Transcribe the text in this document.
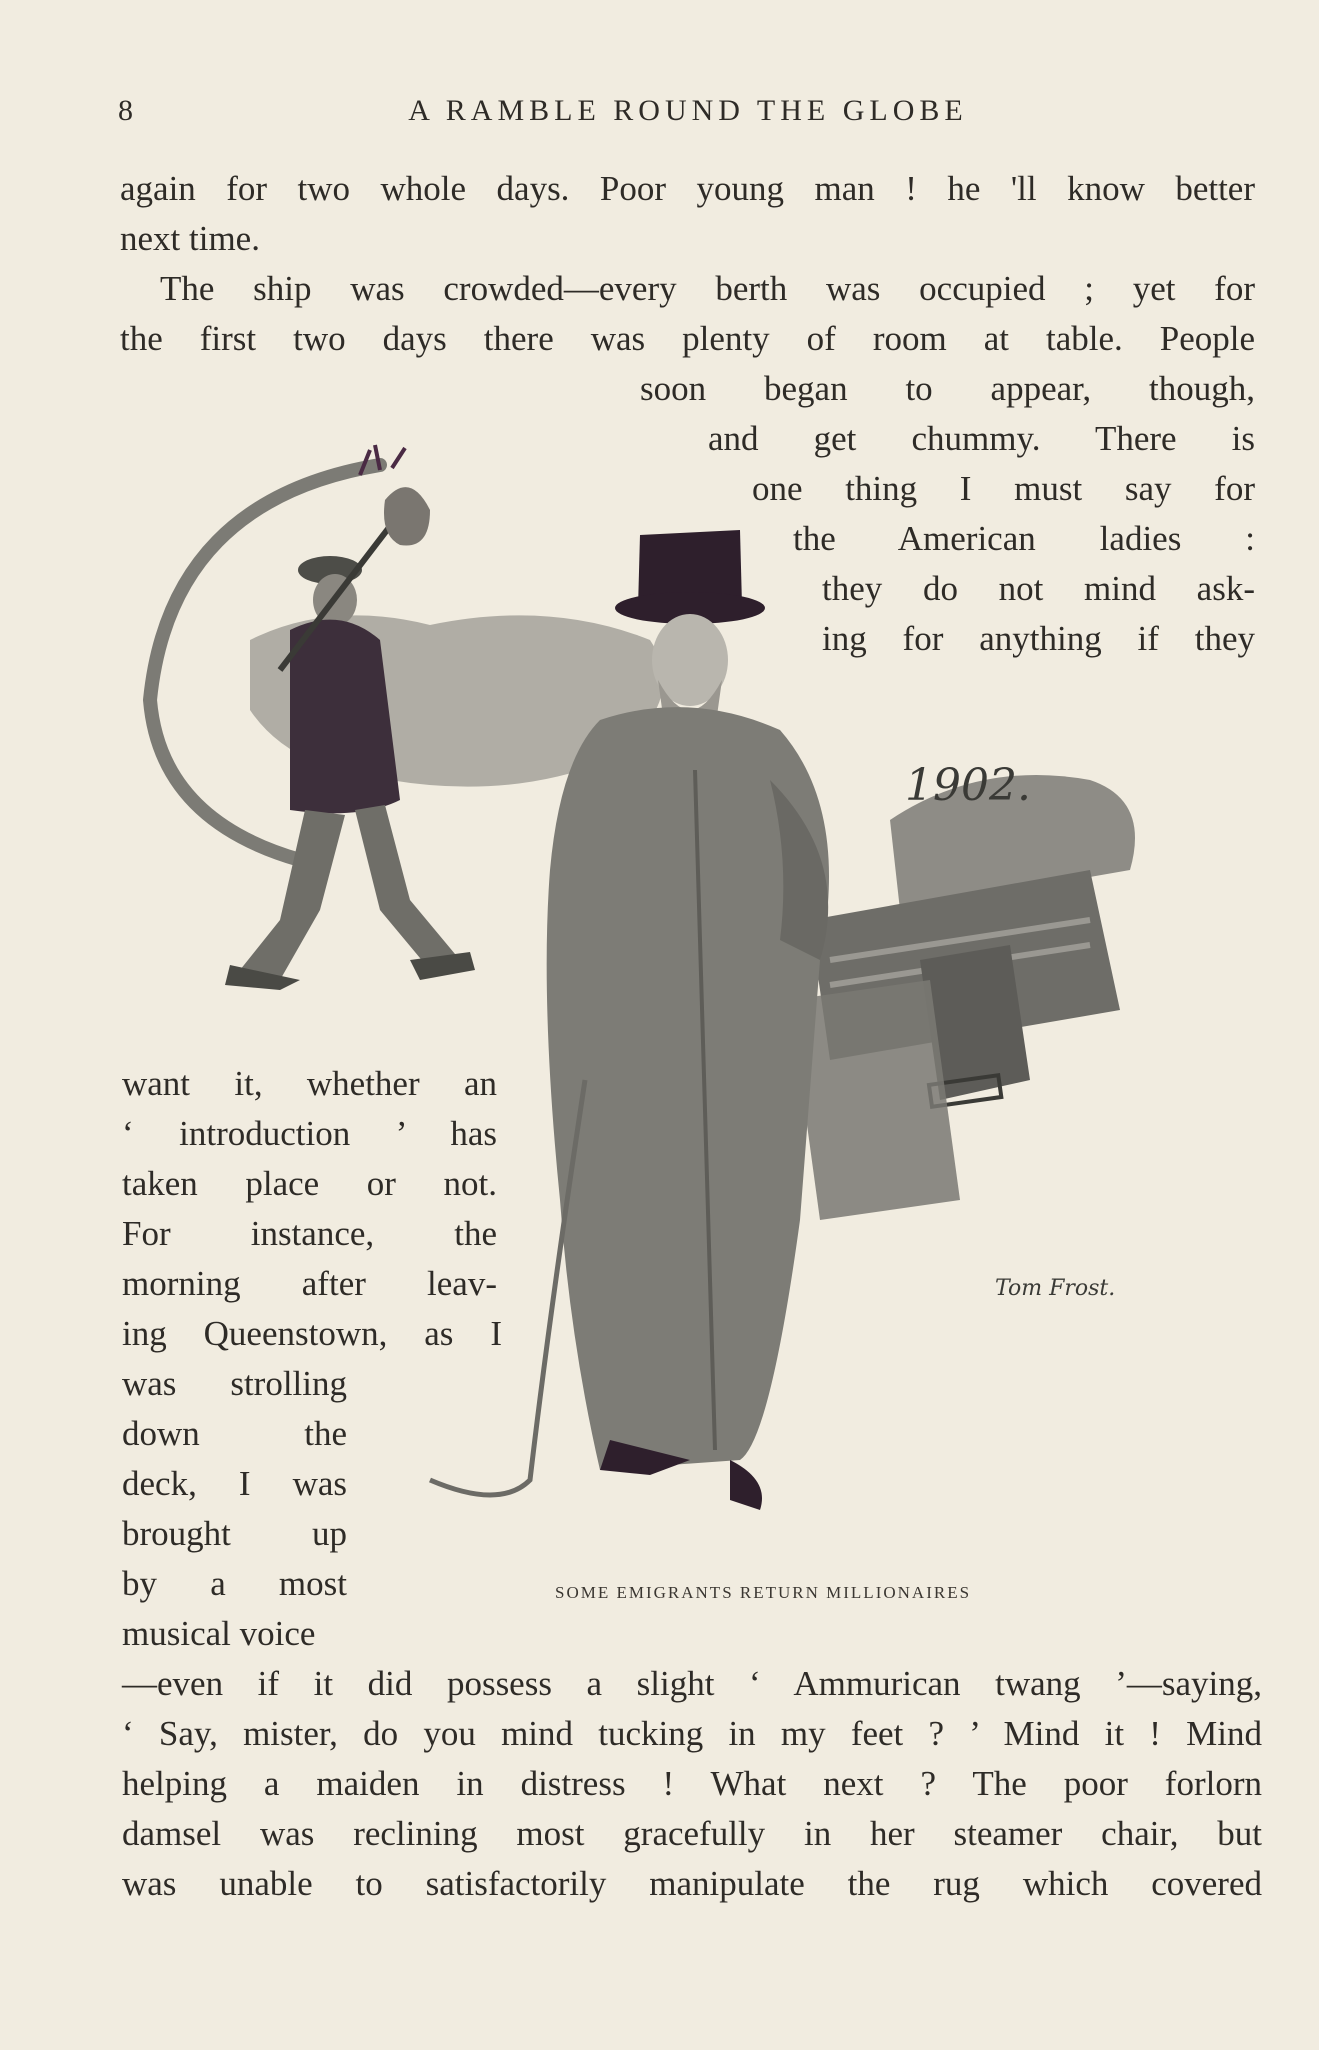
8	A RAMBLE ROUND THE GLOBE
again for two whole days. Poor young man ! he 'll know better
next time.
The ship was crowded—every berth was occupied ; yet for
the first two days there was plenty of room at table. People
soon began to appear, though,
and get chummy. There is
one thing I must say for
the American ladies :
they do not mind ask-
ing for anything if they
want it, whether an
‘ introduction ’ has
taken place or not.
For instance, the
morning after leav-
ing Queenstown, as I
was strolling
down the
deck, I was
brought up
by a most
musical voice
—even if it did possess a slight ‘ Ammurican twang ’—saying,
‘ Say, mister, do you mind tucking in my feet ? ’ Mind it ! Mind
helping a maiden in distress ! What next ? The poor forlorn
damsel was reclining most gracefully in her steamer chair, but
was unable to satisfactorily manipulate the rug which covered
1902.
Tom Frost.
SOME EMIGRANTS RETURN MILLIONAIRES
